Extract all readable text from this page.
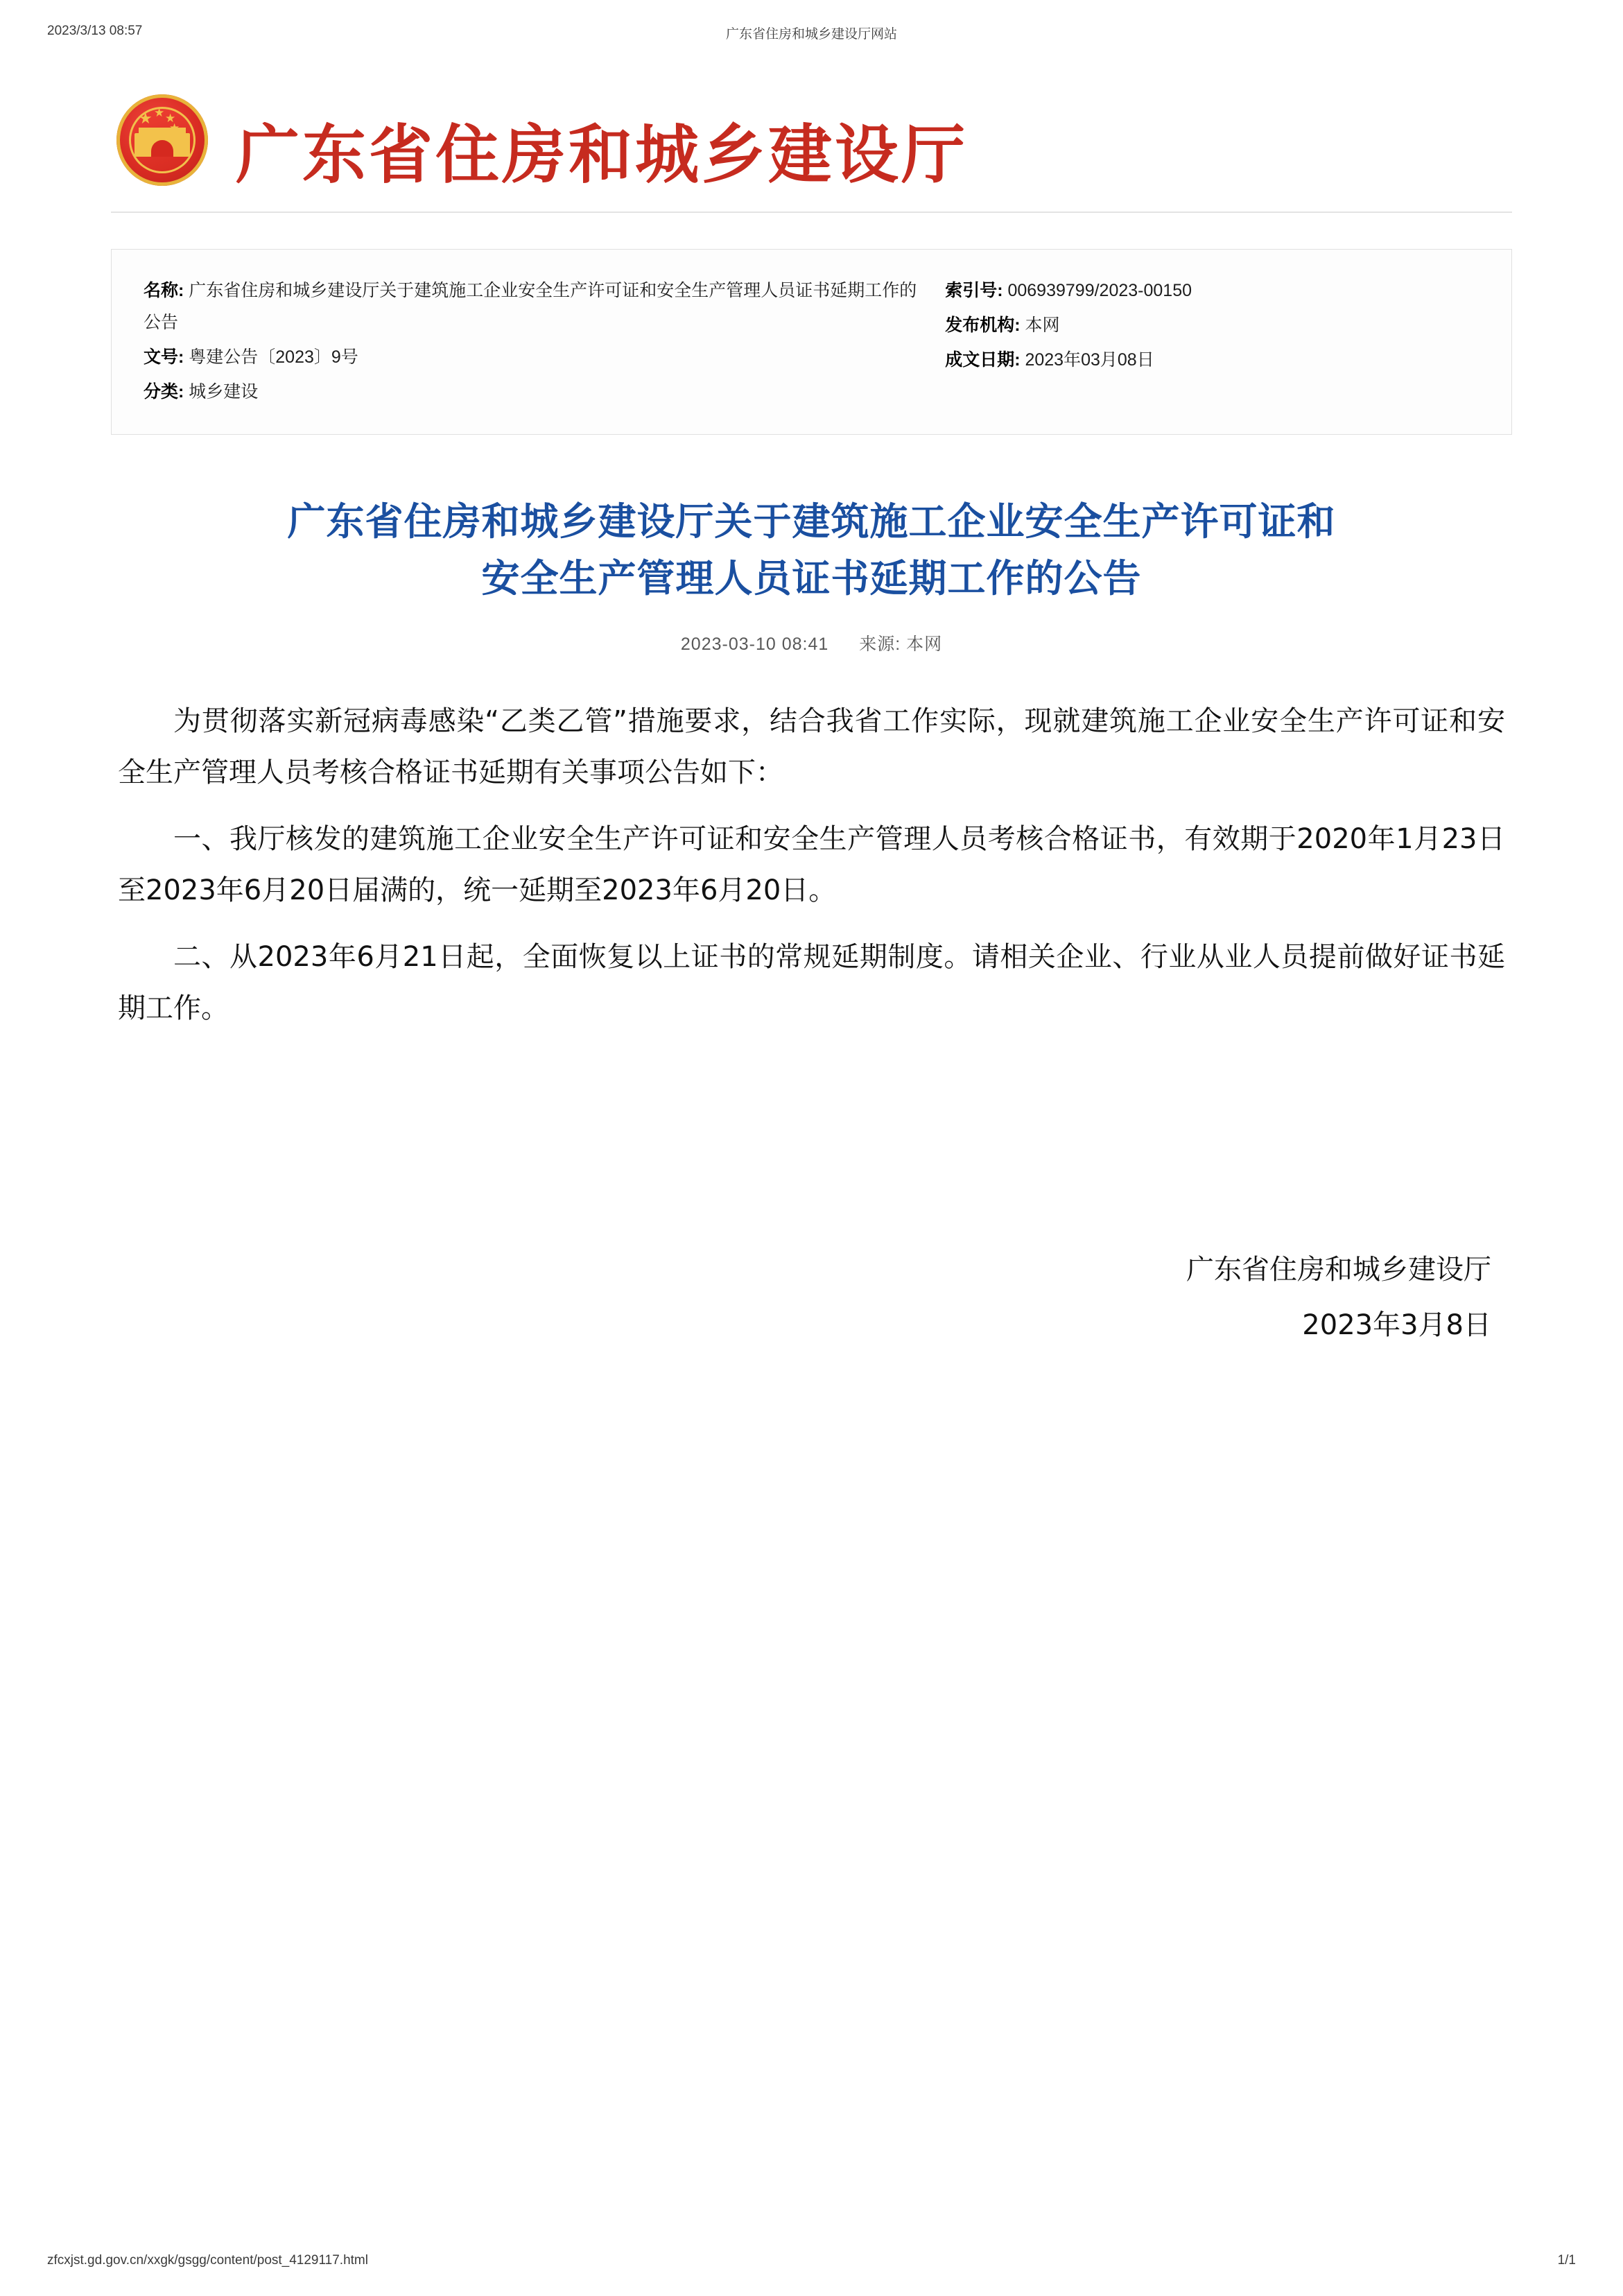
2023/3/13 08:57	广东省住房和城乡建设厅网站
★ ★ ★ 广东省住房和城乡建设厅
名称: 广东省住房和城乡建设厅关于建筑施工企业安全生产许可证和安全生产管理人员证书延期工作的公告
文号: 粤建公告〔2023〕9号
分类: 城乡建设
索引号: 006939799/2023-00150
发布机构: 本网
成文日期: 2023年03月08日
广东省住房和城乡建设厅关于建筑施工企业安全生产许可证和
安全生产管理人员证书延期工作的公告
2023-03-10 08:41 来源: 本网

为贯彻落实新冠病毒感染“乙类乙管”措施要求，结合我省工作实际，现就建筑施工企业安全生产许可证和安全生产管理人员考核合格证书延期有关事项公告如下：

一、我厅核发的建筑施工企业安全生产许可证和安全生产管理人员考核合格证书，有效期于2020年1月23日至2023年6月20日届满的，统一延期至2023年6月20日。

二、从2023年6月21日起，全面恢复以上证书的常规延期制度。请相关企业、行业从业人员提前做好证书延期工作。

广东省住房和城乡建设厅
2023年3月8日
zfcxjst.gd.gov.cn/xxgk/gsgg/content/post_4129117.html	1/1
